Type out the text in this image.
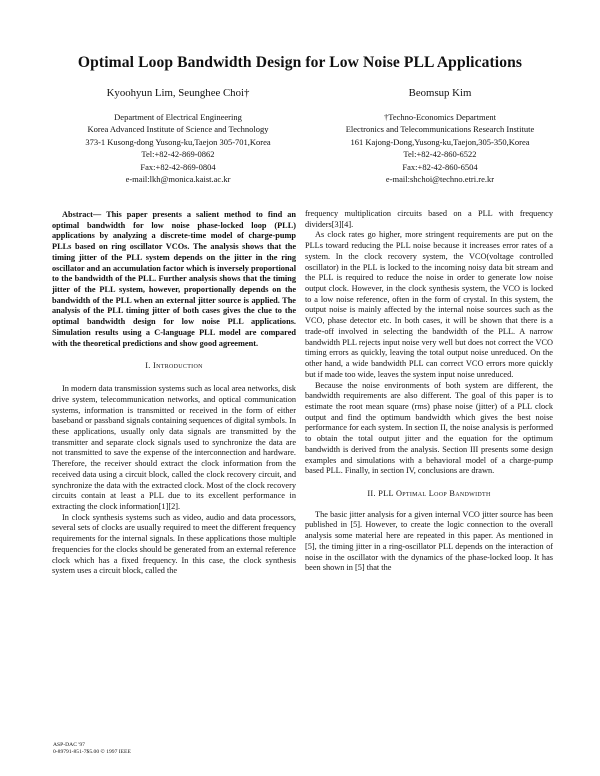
Optimal Loop Bandwidth Design for Low Noise PLL Applications
Kyoohyun Lim, Seunghee Choi†
Department of Electrical Engineering
Korea Advanced Institute of Science and Technology
373-1 Kusong-dong Yusong-ku,Taejon 305-701,Korea
Tel:+82-42-869-0862
Fax:+82-42-869-0804
e-mail:lkh@monica.kaist.ac.kr
Beomsup Kim
†Techno-Economics Department
Electronics and Telecommunications Research Institute
161 Kajong-Dong,Yusong-ku,Taejon,305-350,Korea
Tel:+82-42-860-6522
Fax:+82-42-860-6504
e-mail:shchoi@techno.etri.re.kr

Abstract— This paper presents a salient method to find an optimal bandwidth for low noise phase-locked loop (PLL) applications by analyzing a discrete-time model of charge-pump PLLs based on ring oscillator VCOs. The analysis shows that the timing jitter of the PLL system depends on the jitter in the ring oscillator and an accumulation factor which is inversely proportional to the bandwidth of the PLL. Further analysis shows that the timing jitter of the PLL system, however, proportionally depends on the bandwidth of the PLL when an external jitter source is applied. The analysis of the PLL timing jitter of both cases gives the clue to the optimal bandwidth design for low noise PLL applications. Simulation results using a C-language PLL model are compared with the theoretical predictions and show good agreement.

I. Introduction

In modern data transmission systems such as local area networks, disk drive system, telecommunication networks, and optical communication systems, information is transmitted or received in the form of either baseband or passband signals containing sequences of digital symbols. In these applications, usually only data signals are transmitted by the transmitter and separate clock signals used to synchronize the data are not transmitted to save the expense of the interconnection and hardware. Therefore, the receiver should extract the clock information from the received data using a circuit block, called the clock recovery circuit, and synchronize the data with the extracted clock. Most of the clock recovery circuits contain at least a PLL due to its excellent performance in extracting the clock information[1][2].

In clock synthesis systems such as video, audio and data processors, several sets of clocks are usually required to meet the different frequency requirements for the internal signals. In these applications those multiple frequencies for the clocks should be generated from an external reference clock which has a fixed frequency. In this case, the clock synthesis system uses a circuit block, called the

frequency multiplication circuits based on a PLL with frequency dividers[3][4].

As clock rates go higher, more stringent requirements are put on the PLLs toward reducing the PLL noise because it increases error rates of a system. In the clock recovery system, the VCO(voltage controlled oscillator) in the PLL is locked to the incoming noisy data bit stream and the PLL is required to reduce the noise in order to generate low noise output clock. However, in the clock synthesis system, the VCO is locked to a low noise reference, often in the form of crystal. In this system, the output noise is mainly affected by the internal noise sources such as the VCO, phase detector etc. In both cases, it will be shown that there is a trade-off involved in selecting the bandwidth of the PLL. A narrow bandwidth PLL rejects input noise very well but does not correct the VCO timing errors as quickly, leaving the total output noise unreduced. On the other hand, a wide bandwidth PLL can correct VCO errors more quickly but if made too wide, leaves the system input noise unreduced.

Because the noise environments of both system are different, the bandwidth requirements are also different. The goal of this paper is to estimate the root mean square (rms) phase noise (jitter) of a PLL clock output and find the optimum bandwidth which gives the best noise performance for each system. In section II, the noise analysis is performed to obtain the total output jitter and the equation for the optimum bandwidth is derived from the analysis. Section III presents some design examples and simulations with a behavioral model of a charge-pump based PLL. Finally, in section IV, conclusions are drawn.

II. PLL Optimal Loop Bandwidth

The basic jitter analysis for a given internal VCO jitter source has been published in [5]. However, to create the logic connection to the overall analysis some material here are repeated in this paper. As mentioned in [5], the timing jitter in a ring-oscillator PLL depends on the interaction of noise in the oscillator with the dynamics of the phase-locked loop. It has been shown in [5] that the

ASP-DAC '97
0-89791-851-7$5.00 © 1997 IEEE
